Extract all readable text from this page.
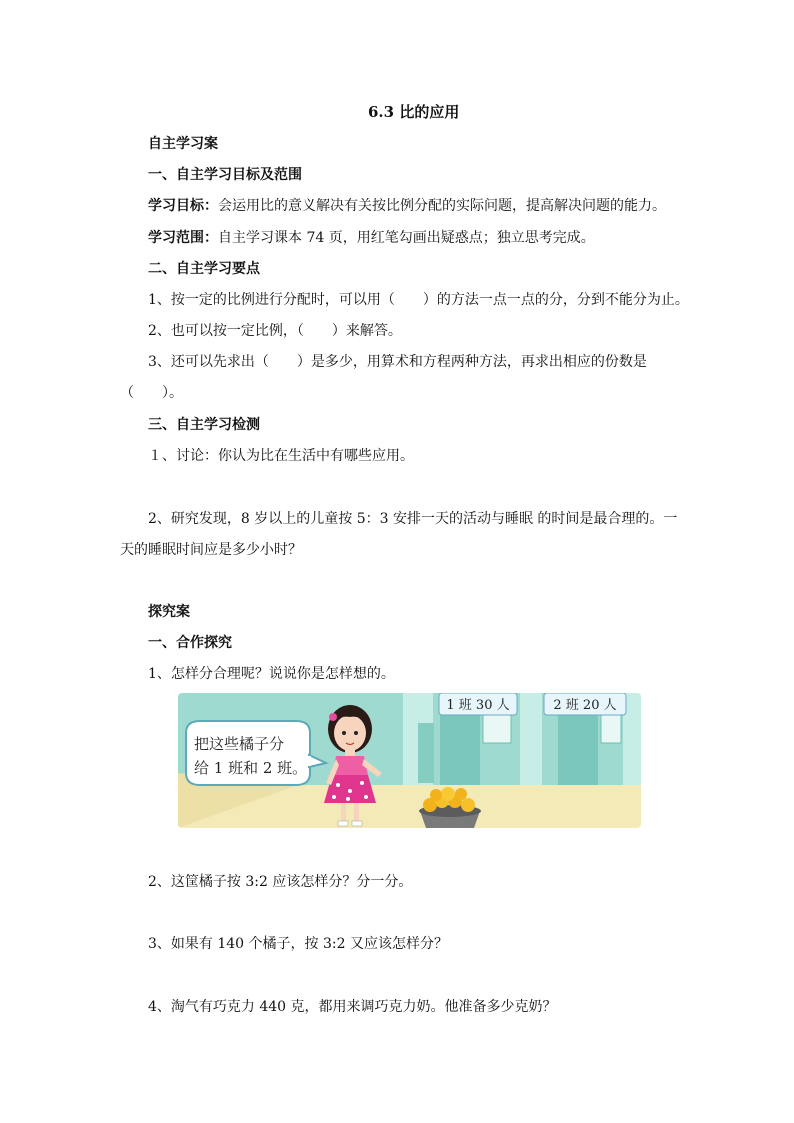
6.3 比的应用
自主学习案
一、自主学习目标及范围
学习目标：会运用比的意义解决有关按比例分配的实际问题，提高解决问题的能力。
学习范围：自主学习课本 74 页，用红笔勾画出疑惑点；独立思考完成。
二、自主学习要点
1、按一定的比例进行分配时，可以用（　　）的方法一点一点的分，分到不能分为止。
2、也可以按一定比例，（　　）来解答。
3、还可以先求出（　　）是多少，用算术和方程两种方法，再求出相应的份数是
（　　）。
三、自主学习检测
１、讨论：你认为比在生活中有哪些应用。
2、研究发现，8 岁以上的儿童按 5：3 安排一天的活动与睡眠 的时间是最合理的。一
天的睡眠时间应是多少小时？
探究案
一、合作探究
1、怎样分合理呢？说说你是怎样想的。
1 班 30 人	2 班 20 人
把这些橘子分
给 1 班和 2 班。
2、这筐橘子按 3:2 应该怎样分？分一分。
3、如果有 140 个橘子，按 3:2 又应该怎样分？
4、淘气有巧克力 440 克，都用来调巧克力奶。他准备多少克奶？
